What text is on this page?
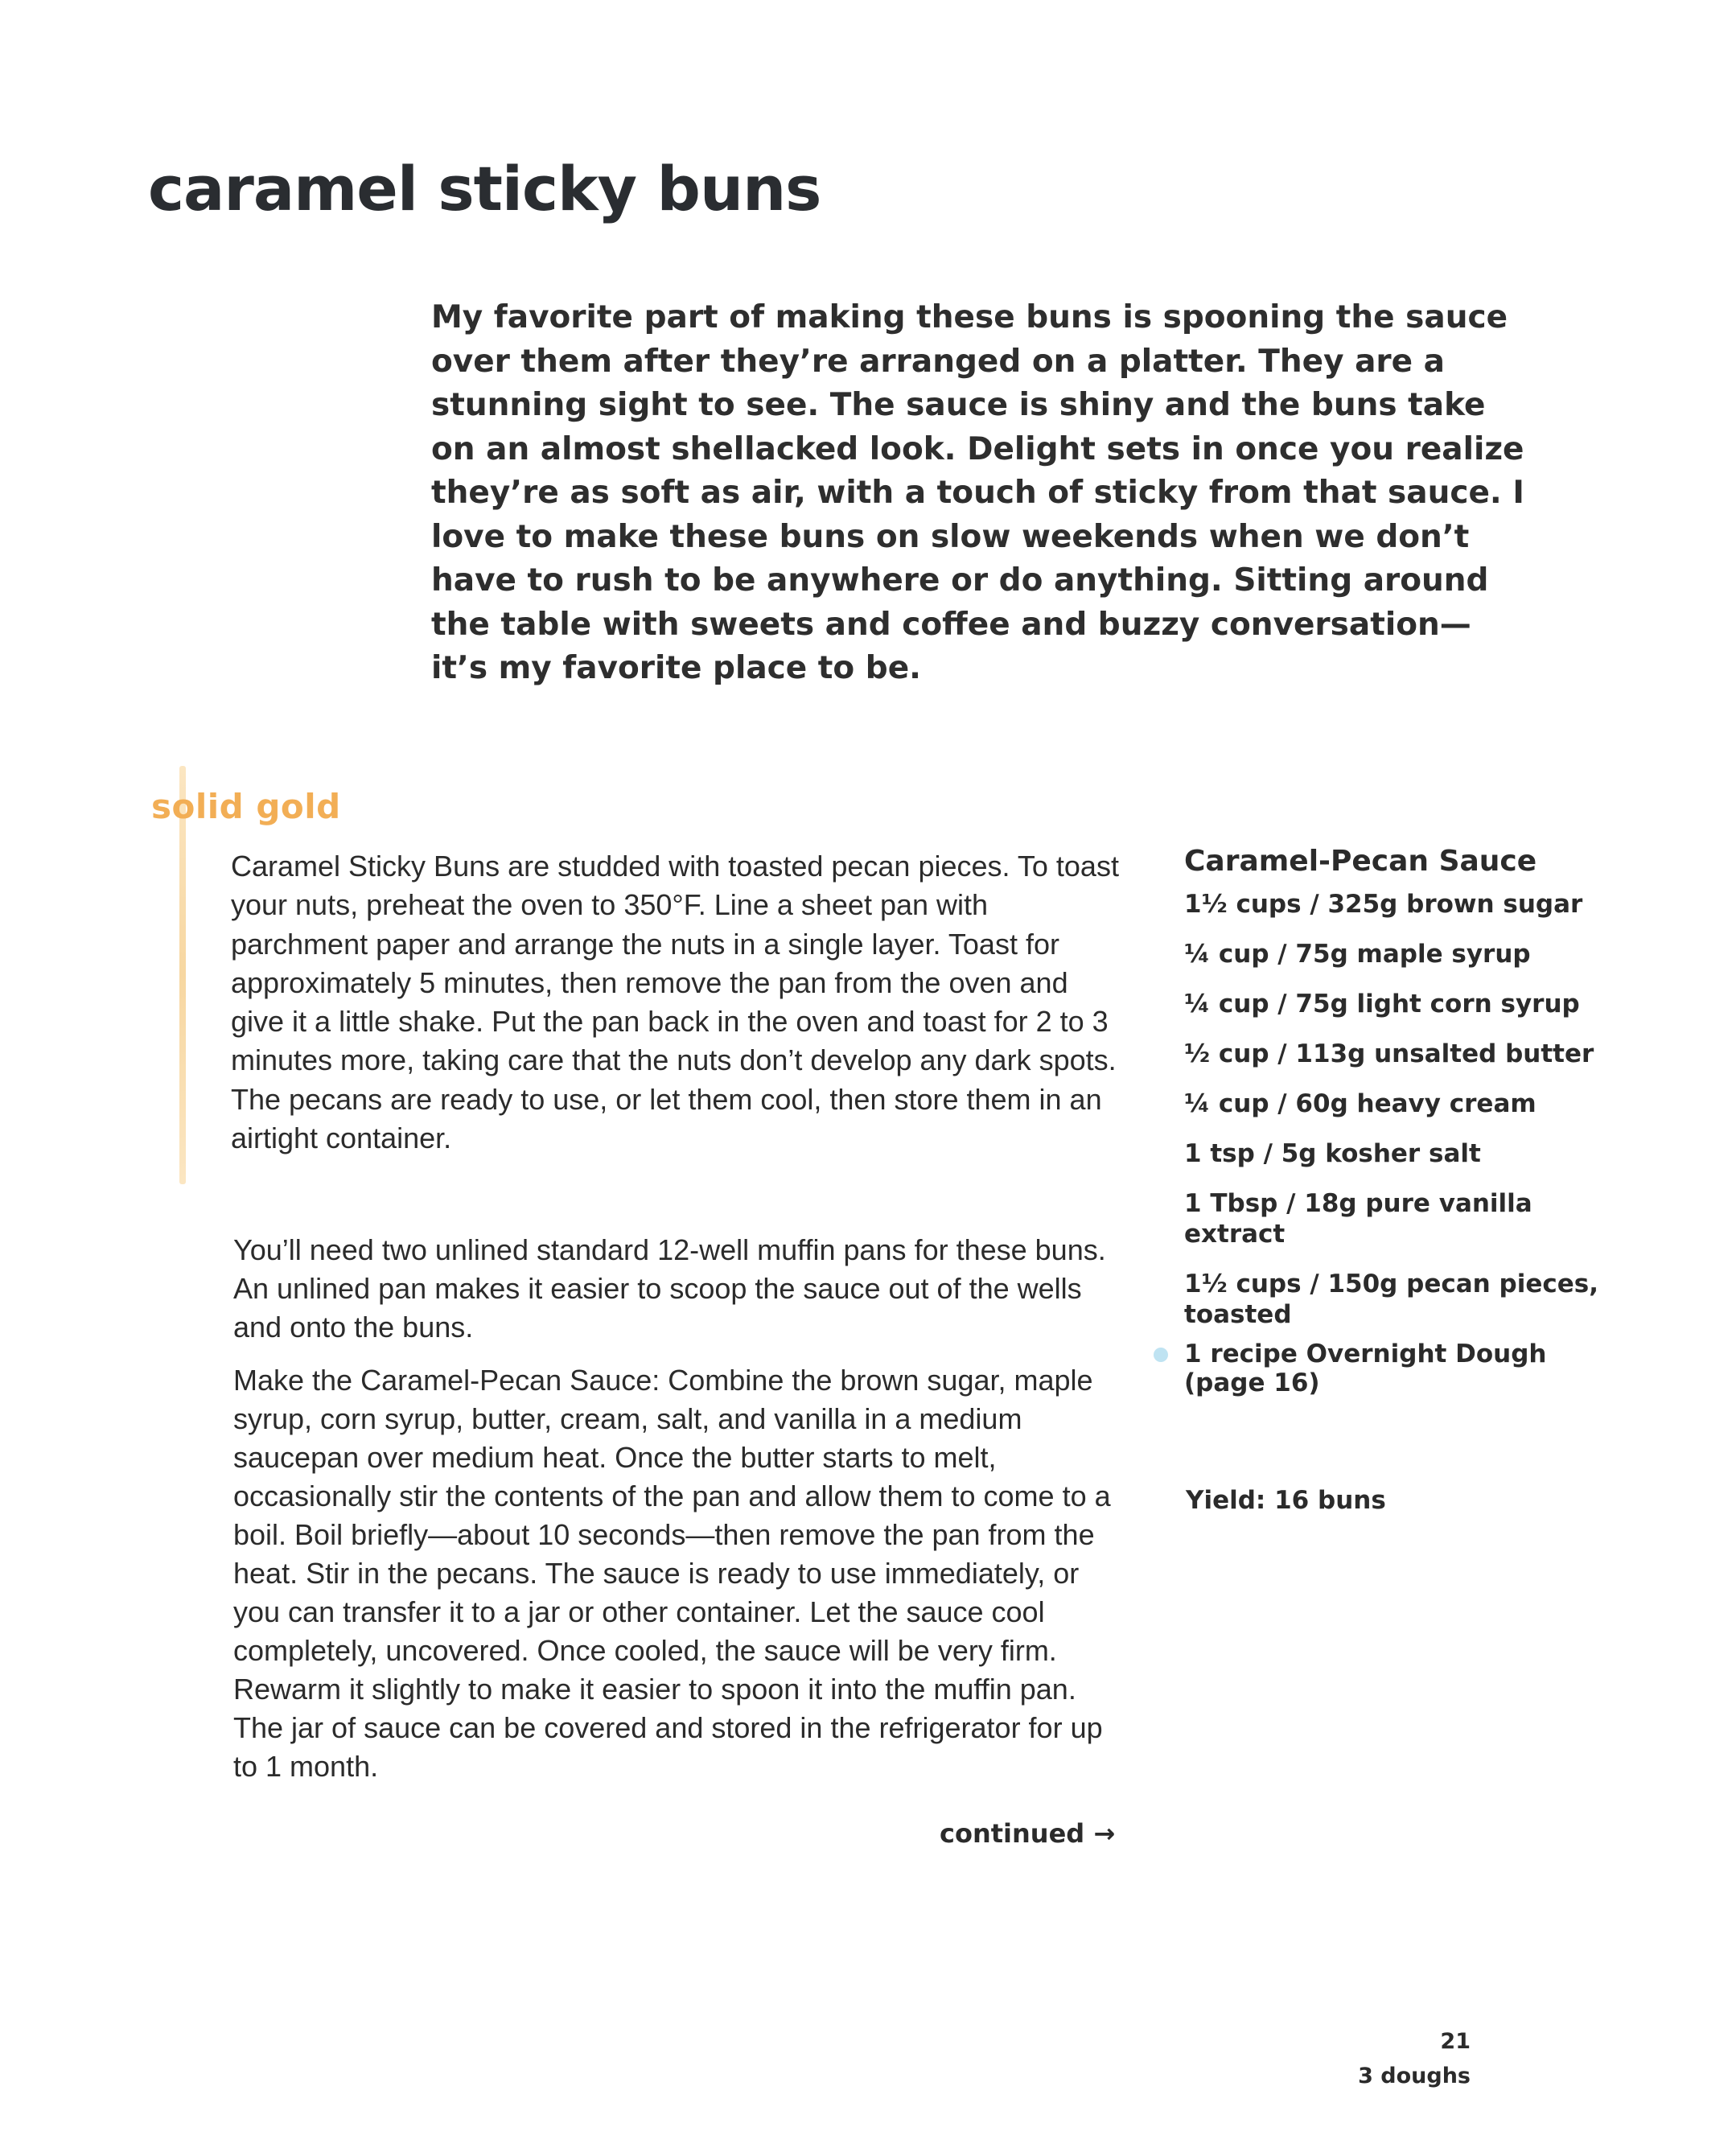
caramel sticky buns

My favorite part of making these buns is spooning the sauce over them after they’re arranged on a platter. They are a stunning sight to see. The sauce is shiny and the buns take on an almost shellacked look. Delight sets in once you realize they’re as soft as air, with a touch of sticky from that sauce. I love to make these buns on slow weekends when we don’t have to rush to be anywhere or do anything. Sitting around the table with sweets and coffee and buzzy conversation—it’s my favorite place to be.

solid gold

Caramel Sticky Buns are studded with toasted pecan pieces. To toast your nuts, preheat the oven to 350°F. Line a sheet pan with parchment paper and arrange the nuts in a single layer. Toast for approximately 5 minutes, then remove the pan from the oven and give it a little shake. Put the pan back in the oven and toast for 2 to 3 minutes more, taking care that the nuts don’t develop any dark spots. The pecans are ready to use, or let them cool, then store them in an airtight container.

You’ll need two unlined standard 12-well muffin pans for these buns. An unlined pan makes it easier to scoop the sauce out of the wells and onto the buns.

Make the Caramel-Pecan Sauce: Combine the brown sugar, maple syrup, corn syrup, butter, cream, salt, and vanilla in a medium saucepan over medium heat. Once the butter starts to melt, occasionally stir the contents of the pan and allow them to come to a boil. Boil briefly—about 10 seconds—then remove the pan from the heat. Stir in the pecans. The sauce is ready to use immediately, or you can transfer it to a jar or other container. Let the sauce cool completely, uncovered. Once cooled, the sauce will be very firm. Rewarm it slightly to make it easier to spoon it into the muffin pan. The jar of sauce can be covered and stored in the refrigerator for up to 1 month.

continued →
Caramel-Pecan Sauce
1½ cups / 325g brown sugar
¼ cup / 75g maple syrup
¼ cup / 75g light corn syrup
½ cup / 113g unsalted butter
¼ cup / 60g heavy cream
1 tsp / 5g kosher salt
1 Tbsp / 18g pure vanilla extract
1½ cups / 150g pecan pieces, toasted
1 recipe Overnight Dough (page 16)
Yield: 16 buns
21
3 doughs
